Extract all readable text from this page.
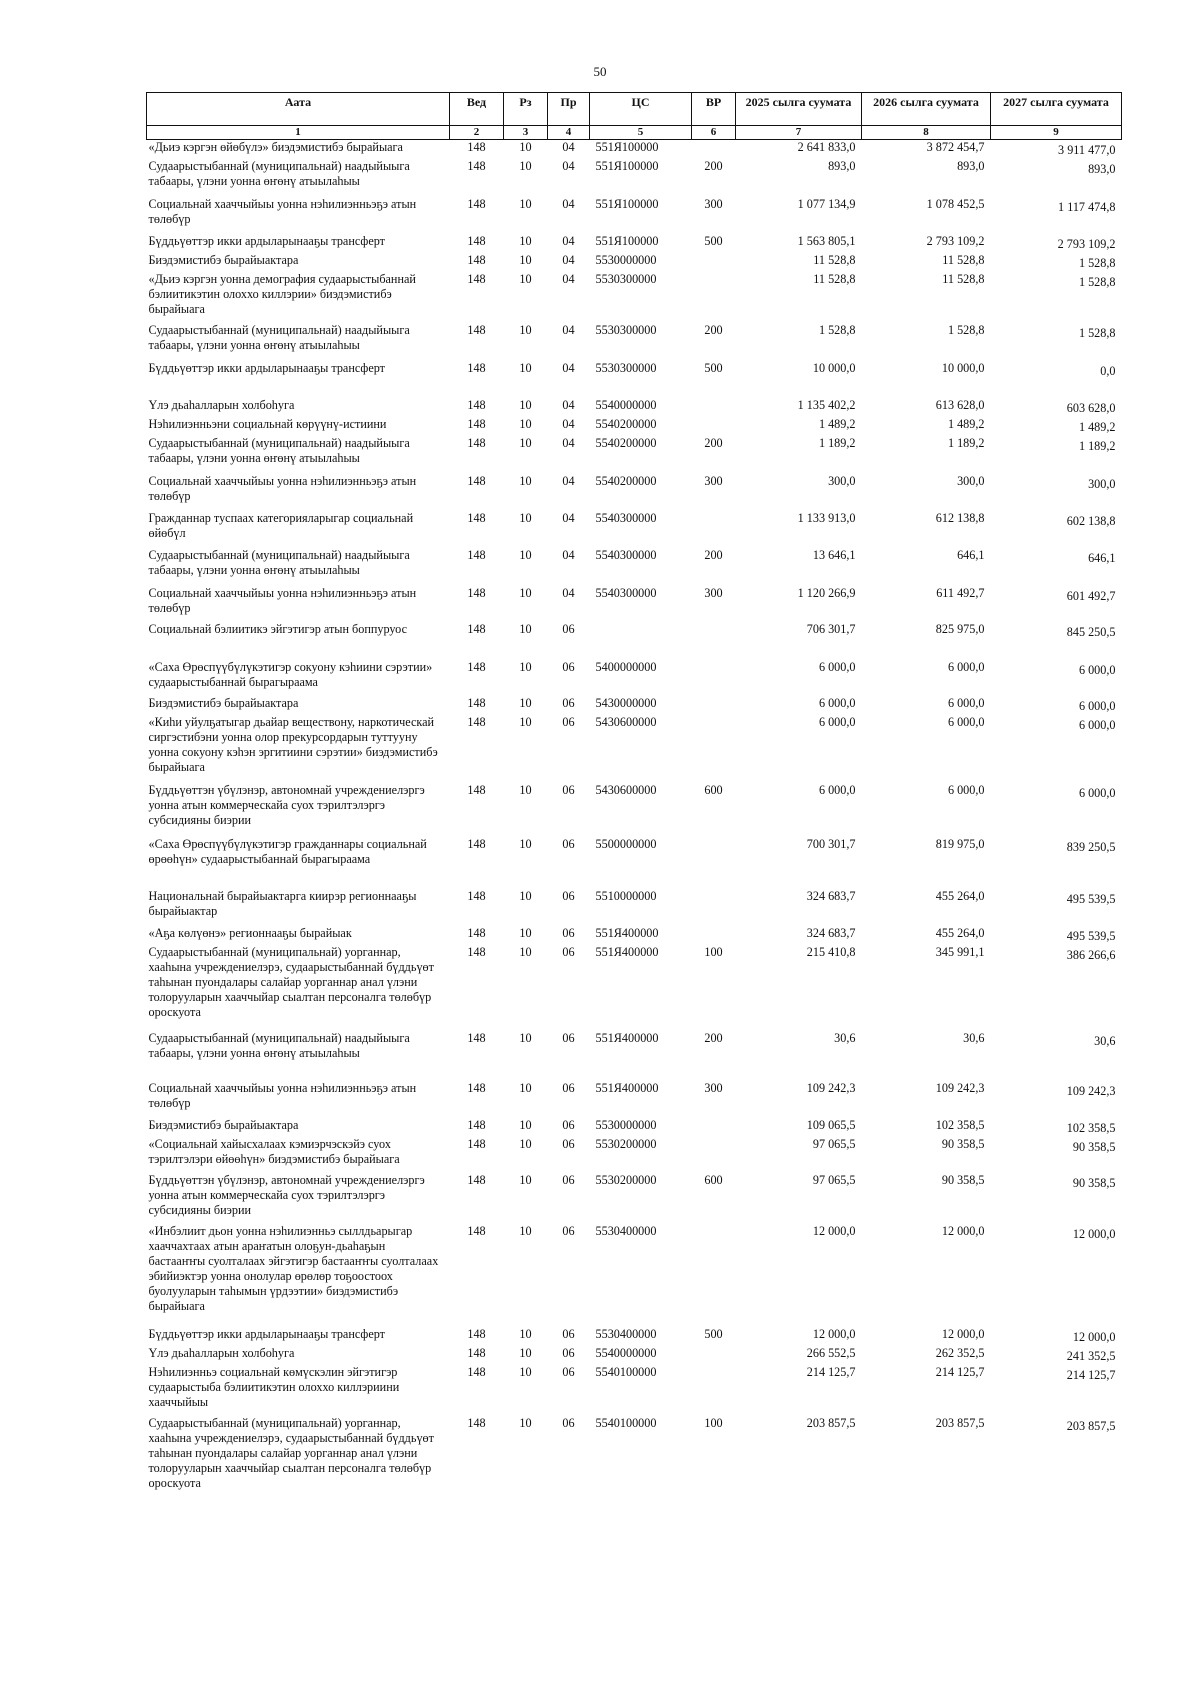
50
Аата	Вед	Рз	Пр	ЦС	ВР	2025 сылга суумата	2026 сылга суумата	2027 сылга суумата
1	2	3	4	5	6	7	8	9
«Дьиэ кэргэн өйөбүлэ» биэдэмистибэ бырайыага	148	10	04	551Я100000		2 641 833,0	3 872 454,7	3 911 477,0
Судаарыстыбаннай (муниципальнай) наадыйыыга табаары, үлэни уонна өҥөнү атыылаһыы	148	10	04	551Я100000	200	893,0	893,0	893,0
Социальнай хааччыйыы уонна нэһилиэнньэҕэ атын төлөбүр	148	10	04	551Я100000	300	1 077 134,9	1 078 452,5	1 117 474,8
Бүддьүөттэр икки ардыларынааҕы трансферт	148	10	04	551Я100000	500	1 563 805,1	2 793 109,2	2 793 109,2
Биэдэмистибэ бырайыактара	148	10	04	5530000000		11 528,8	11 528,8	1 528,8
«Дьиэ кэргэн уонна демография судаарыстыбаннай бэлиитикэтин олоххо киллэрии» биэдэмистибэ бырайыага	148	10	04	5530300000		11 528,8	11 528,8	1 528,8
Судаарыстыбаннай (муниципальнай) наадыйыыга табаары, үлэни уонна өҥөнү атыылаһыы	148	10	04	5530300000	200	1 528,8	1 528,8	1 528,8
Бүддьүөттэр икки ардыларынааҕы трансферт	148	10	04	5530300000	500	10 000,0	10 000,0	0,0
Үлэ дьаһалларын холбоһуга	148	10	04	5540000000		1 135 402,2	613 628,0	603 628,0
Нэһилиэнньэни социальнай көрүүнү-истиини	148	10	04	5540200000		1 489,2	1 489,2	1 489,2
Судаарыстыбаннай (муниципальнай) наадыйыыга табаары, үлэни уонна өҥөнү атыылаһыы	148	10	04	5540200000	200	1 189,2	1 189,2	1 189,2
Социальнай хааччыйыы уонна нэһилиэнньэҕэ атын төлөбүр	148	10	04	5540200000	300	300,0	300,0	300,0
Гражданнар туспаах категорияларыгар социальнай өйөбүл	148	10	04	5540300000		1 133 913,0	612 138,8	602 138,8
Судаарыстыбаннай (муниципальнай) наадыйыыга табаары, үлэни уонна өҥөнү атыылаһыы	148	10	04	5540300000	200	13 646,1	646,1	646,1
Социальнай хааччыйыы уонна нэһилиэнньэҕэ атын төлөбүр	148	10	04	5540300000	300	1 120 266,9	611 492,7	601 492,7
Социальнай бэлиитикэ эйгэтигэр атын боппуруос	148	10	06			706 301,7	825 975,0	845 250,5
«Саха Өрөспүүбүлүкэтигэр сокуону кэһиини сэрэтии» судаарыстыбаннай бырагыраама	148	10	06	5400000000		6 000,0	6 000,0	6 000,0
Биэдэмистибэ бырайыактара	148	10	06	5430000000		6 000,0	6 000,0	6 000,0
«Киһи уйулҕатыгар дьайар веществону, наркотическай сиргэстибэни уонна олор прекурсордарын туттууну уонна сокуону кэһэн эргитиини сэрэтии» биэдэмистибэ бырайыага	148	10	06	5430600000		6 000,0	6 000,0	6 000,0
Бүддьүөттэн үбүлэнэр, автономнай учреждениелэргэ уонна атын коммерческайа суох тэрилтэлэргэ субсидияны биэрии	148	10	06	5430600000	600	6 000,0	6 000,0	6 000,0
«Саха Өрөспүүбүлүкэтигэр гражданнары социальнай өрөөһүн» судаарыстыбаннай бырагыраама	148	10	06	5500000000		700 301,7	819 975,0	839 250,5
Национальнай бырайыактарга киирэр регионнааҕы бырайыактар	148	10	06	5510000000		324 683,7	455 264,0	495 539,5
«Аҕа көлүөнэ» регионнааҕы бырайыак	148	10	06	551Я400000		324 683,7	455 264,0	495 539,5
Судаарыстыбаннай (муниципальнай) уорганнар, хааһына учреждениелэрэ, судаарыстыбаннай бүддьүөт таһынан пуондалары салайар уорганнар анал үлэни толорууларын хааччыйар сыалтан персоналга төлөбүр ороскуота	148	10	06	551Я400000	100	215 410,8	345 991,1	386 266,6
Судаарыстыбаннай (муниципальнай) наадыйыыга табаары, үлэни уонна өҥөнү атыылаһыы	148	10	06	551Я400000	200	30,6	30,6	30,6
Социальнай хааччыйыы уонна нэһилиэнньэҕэ атын төлөбүр	148	10	06	551Я400000	300	109 242,3	109 242,3	109 242,3
Биэдэмистибэ бырайыактара	148	10	06	5530000000		109 065,5	102 358,5	102 358,5
«Социальнай хайысхалаах кэмиэрчэскэйэ суох тэрилтэлэри өйөөһүн» биэдэмистибэ бырайыага	148	10	06	5530200000		97 065,5	90 358,5	90 358,5
Бүддьүөттэн үбүлэнэр, автономнай учреждениелэргэ уонна атын коммерческайа суох тэрилтэлэргэ субсидияны биэрии	148	10	06	5530200000	600	97 065,5	90 358,5	90 358,5
«Инбэлиит дьон уонна нэһилиэнньэ сыллдьарыгар хааччахтаах атын араҥатын олоҕун-дьаһаҕын бастааҥҥы суолталаах эйгэтигэр бастааҥҥы суолталаах эбийиэктэр уонна онолулар өрөлөр тоҕоостоох буолууларын таһымын үрдээтии» биэдэмистибэ бырайыага	148	10	06	5530400000		12 000,0	12 000,0	12 000,0
Бүддьүөттэр икки ардыларынааҕы трансферт	148	10	06	5530400000	500	12 000,0	12 000,0	12 000,0
Үлэ дьаһалларын холбоһуга	148	10	06	5540000000		266 552,5	262 352,5	241 352,5
Нэһилиэнньэ социальнай көмүскэлин эйгэтигэр судаарыстыба бэлиитикэтин олоххо киллэриини хааччыйыы	148	10	06	5540100000		214 125,7	214 125,7	214 125,7
Судаарыстыбаннай (муниципальнай) уорганнар, хааһына учреждениелэрэ, судаарыстыбаннай бүддьүөт таһынан пуондалары салайар уорганнар анал үлэни толорууларын хааччыйар сыалтан персоналга төлөбүр ороскуота	148	10	06	5540100000	100	203 857,5	203 857,5	203 857,5
